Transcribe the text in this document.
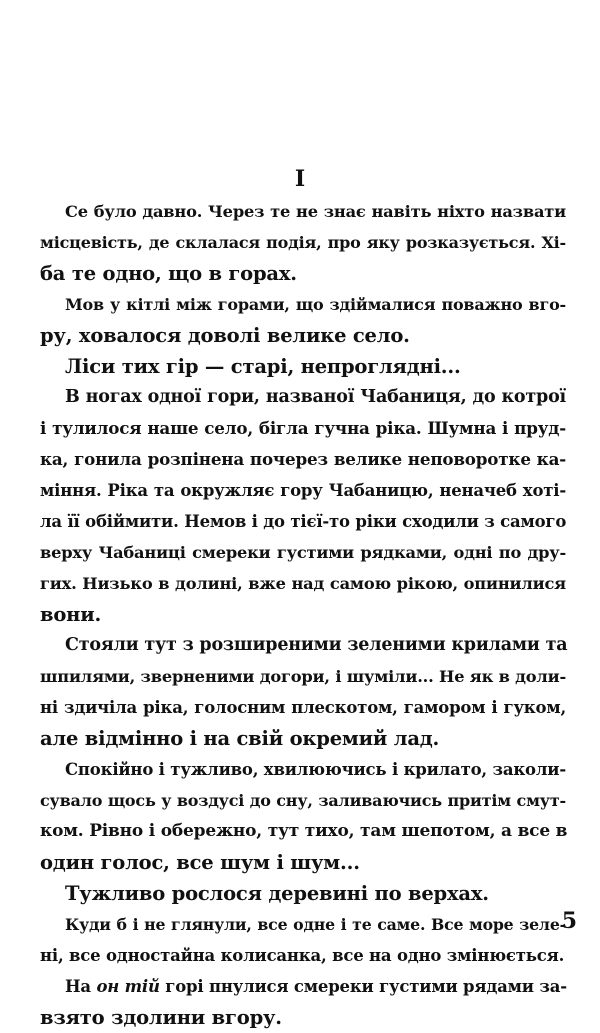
I
Се було давно. Через те не знає навіть ніхто назвати
місцевість, де склалася подія, про яку розказується. Хі-
ба те одно, що в горах.
Мов у кітлі між горами, що здіймалися поважно вго-
ру, ховалося доволі велике село.
Ліси тих гір — старі, непроглядні...
В ногах одної гори, названої Чабаниця, до котрої
і тулилося наше село, бігла гучна ріка. Шумна і пруд-
ка, гонила розпінена почерез велике неповоротке ка-
міння. Ріка та окружляє гору Чабаницю, неначеб хоті-
ла її обіймити. Немов і до тієї-то ріки сходили з самого
верху Чабаниці смереки густими рядками, одні по дру-
гих. Низько в долині, вже над самою рікою, опинилися
вони.
Стояли тут з розширеними зеленими крилами та
шпилями, зверненими догори, і шуміли... Не як в доли-
ні здичіла ріка, голосним плескотом, гамором і гуком,
але відмінно і на свій окремий лад.
Спокійно і тужливо, хвилюючись і крилато, заколи-
сувало щось у воздусі до сну, заливаючись притім смут-
ком. Рівно і обережно, тут тихо, там шепотом, а все в
один голос, все шум і шум...
Тужливо рослося деревині по верхах.
Куди б і не глянули, все одне і те саме. Все море зеле-
ні, все одностайна колисанка, все на одно змінюється.
На он тій горі пнулися смереки густими рядами за-
взято здолини вгору.
5
